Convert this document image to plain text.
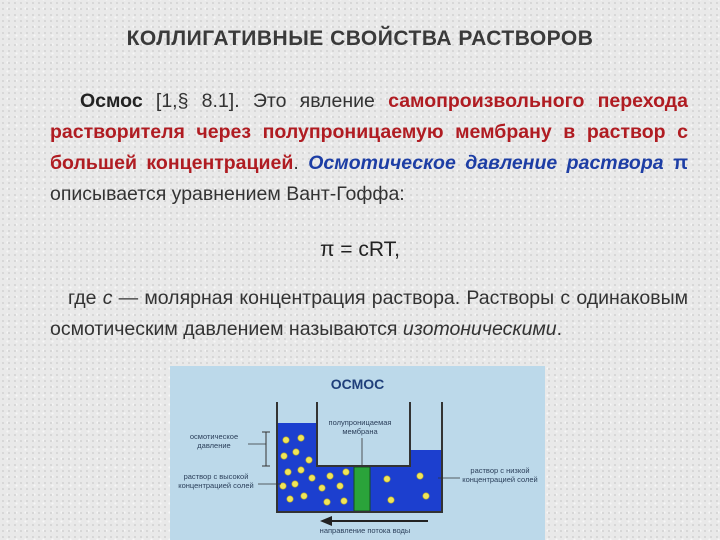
КОЛЛИГАТИВНЫЕ СВОЙСТВА РАСТВОРОВ

Осмос [1,§ 8.1]. Это явление самопроизвольного перехода растворителя через полупроницаемую мембрану в раствор с большей концентрацией. Осмотическое давление раствора π описывается уравнением Вант-Гоффа:

π = cRT,

где c — молярная концентрация раствора. Растворы с одинаковым осмотическим давлением называются изотоническими.

ОСМОС
осмотическое давление
полупроницаемая мембрана
раствор с высокой концентрацией солей
раствор с низкой концентрацией солей
направление потока воды
